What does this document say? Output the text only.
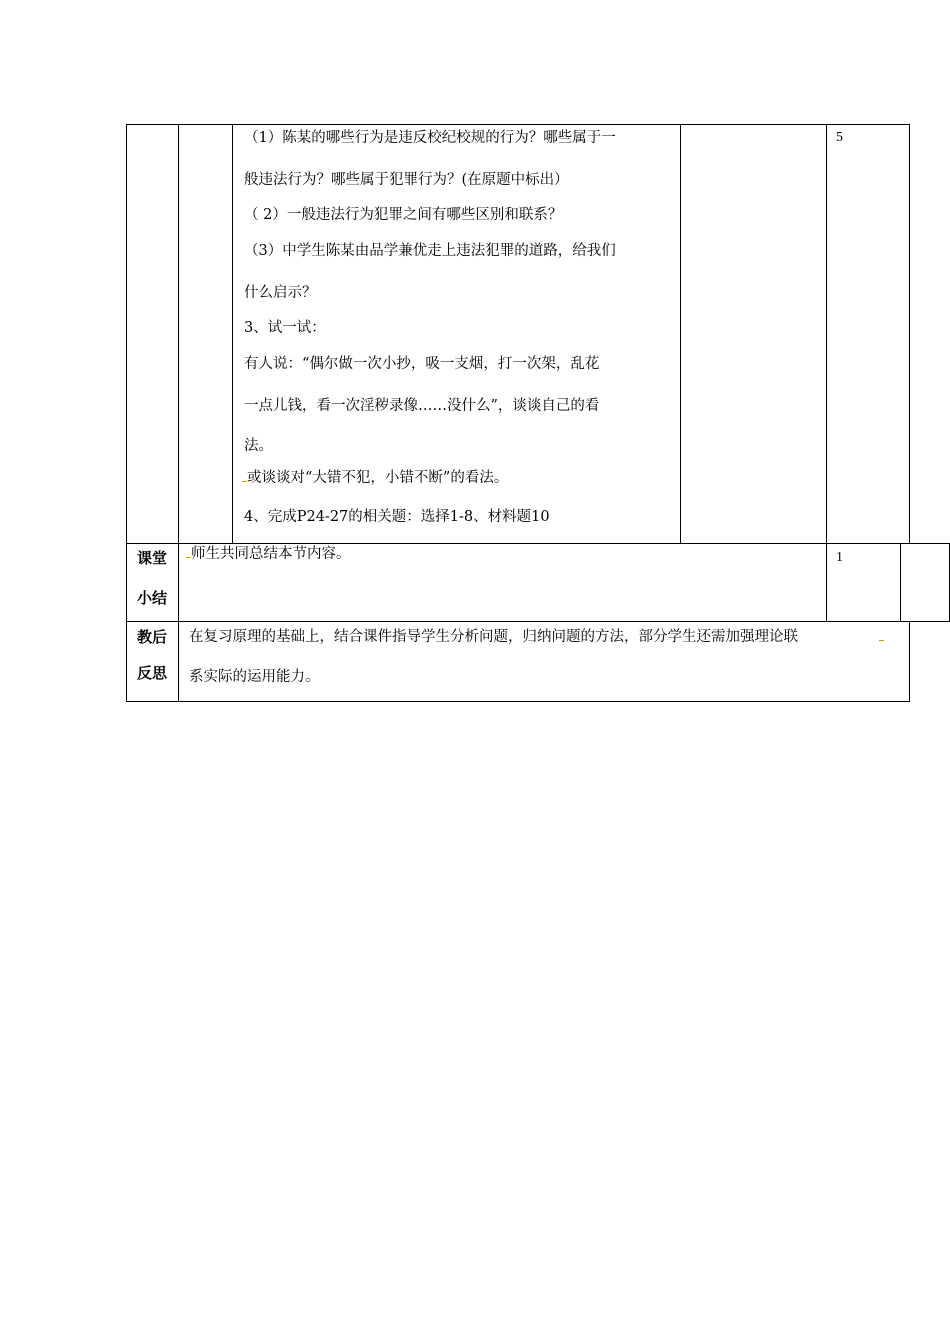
（1）陈某的哪些行为是违反校纪校规的行为？哪些属于一
般违法行为？哪些属于犯罪行为？(在原题中标出）
（ 2）一般违法行为犯罪之间有哪些区别和联系？
（3）中学生陈某由品学兼优走上违法犯罪的道路，给我们
什么启示？
3、试一试：
有人说：“偶尔做一次小抄，吸一支烟，打一次架，乱花
一点儿钱，看一次淫秽录像……没什么”，谈谈自己的看
法。
或谈谈对“大错不犯，小错不断”的看法。
4、完成P24-27的相关题：选择1-8、材料题10
5
课堂
小结
师生共同总结本节内容。	1
教后
反思
在复习原理的基础上，结合课件指导学生分析问题，归纳问题的方法，部分学生还需加强理论联
系实际的运用能力。
